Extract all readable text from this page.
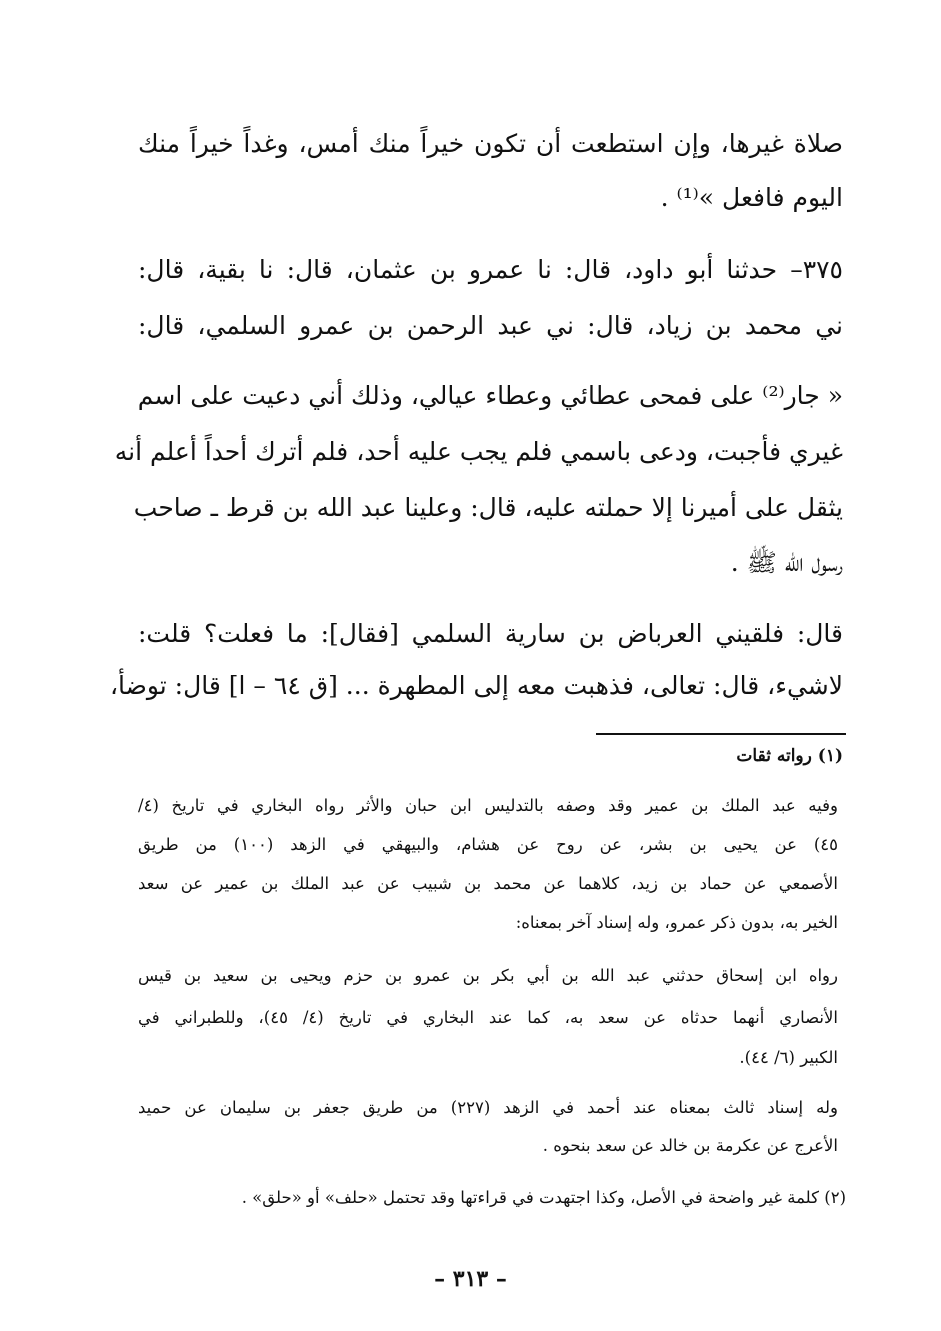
صلاة غيرها، وإن استطعت أن تكون خيراً منك أمس، وغداً خيراً منك
اليوم فافعل »⁽¹⁾ .
٣٧٥– حدثنا أبو داود، قال: نا عمرو بن عثمان، قال: نا بقية، قال:
ني محمد بن زياد، قال: ني عبد الرحمن بن عمرو السلمي، قال:
« جار⁽²⁾ على فمحى عطائي وعطاء عيالي، وذلك أني دعيت على اسم
غيري فأجبت، ودعى باسمي فلم يجب عليه أحد، فلم أترك أحداً أعلم أنه
يثقل على أميرنا إلا حملته عليه، قال: وعلينا عبد الله بن قرط ـ صاحب
رسول الله ﷺ .
قال: فلقيني العرباض بن سارية السلمي [فقال]: ما فعلت؟ قلت:
لاشيء، قال: تعالى، فذهبت معه إلى المطهرة ... [ق ٦٤ – ا] قال: توضأ،
(١) رواته ثقات
وفيه عبد الملك بن عمير وقد وصفه بالتدليس ابن حبان والأثر رواه البخاري في تاريخ (٤/
٤٥) عن يحيى بن بشر، عن روح عن هشام، والبيهقي في الزهد (١٠٠) من طريق
الأصمعي عن حماد بن زيد، كلاهما عن محمد بن شبيب عن عبد الملك بن عمير عن سعد
الخير به، بدون ذكر عمرو، وله إسناد آخر بمعناه:
رواه ابن إسحاق حدثني عبد الله بن أبي بكر بن عمرو بن حزم ويحيى بن سعيد بن قيس
الأنصاري أنهما حدثاه عن سعد به، كما عند البخاري في تاريخ (٤/ ٤٥)، وللطبراني في
الكبير (٦/ ٤٤).
وله إسناد ثالث بمعناه عند أحمد في الزهد (٢٢٧) من طريق جعفر بن سليمان عن حميد
الأعرج عن عكرمة بن خالد عن سعد بنحوه .
(٢) كلمة غير واضحة في الأصل، وكذا اجتهدت في قراءتها وقد تحتمل «حلف» أو «حلق» .
– ٣١٣ –
